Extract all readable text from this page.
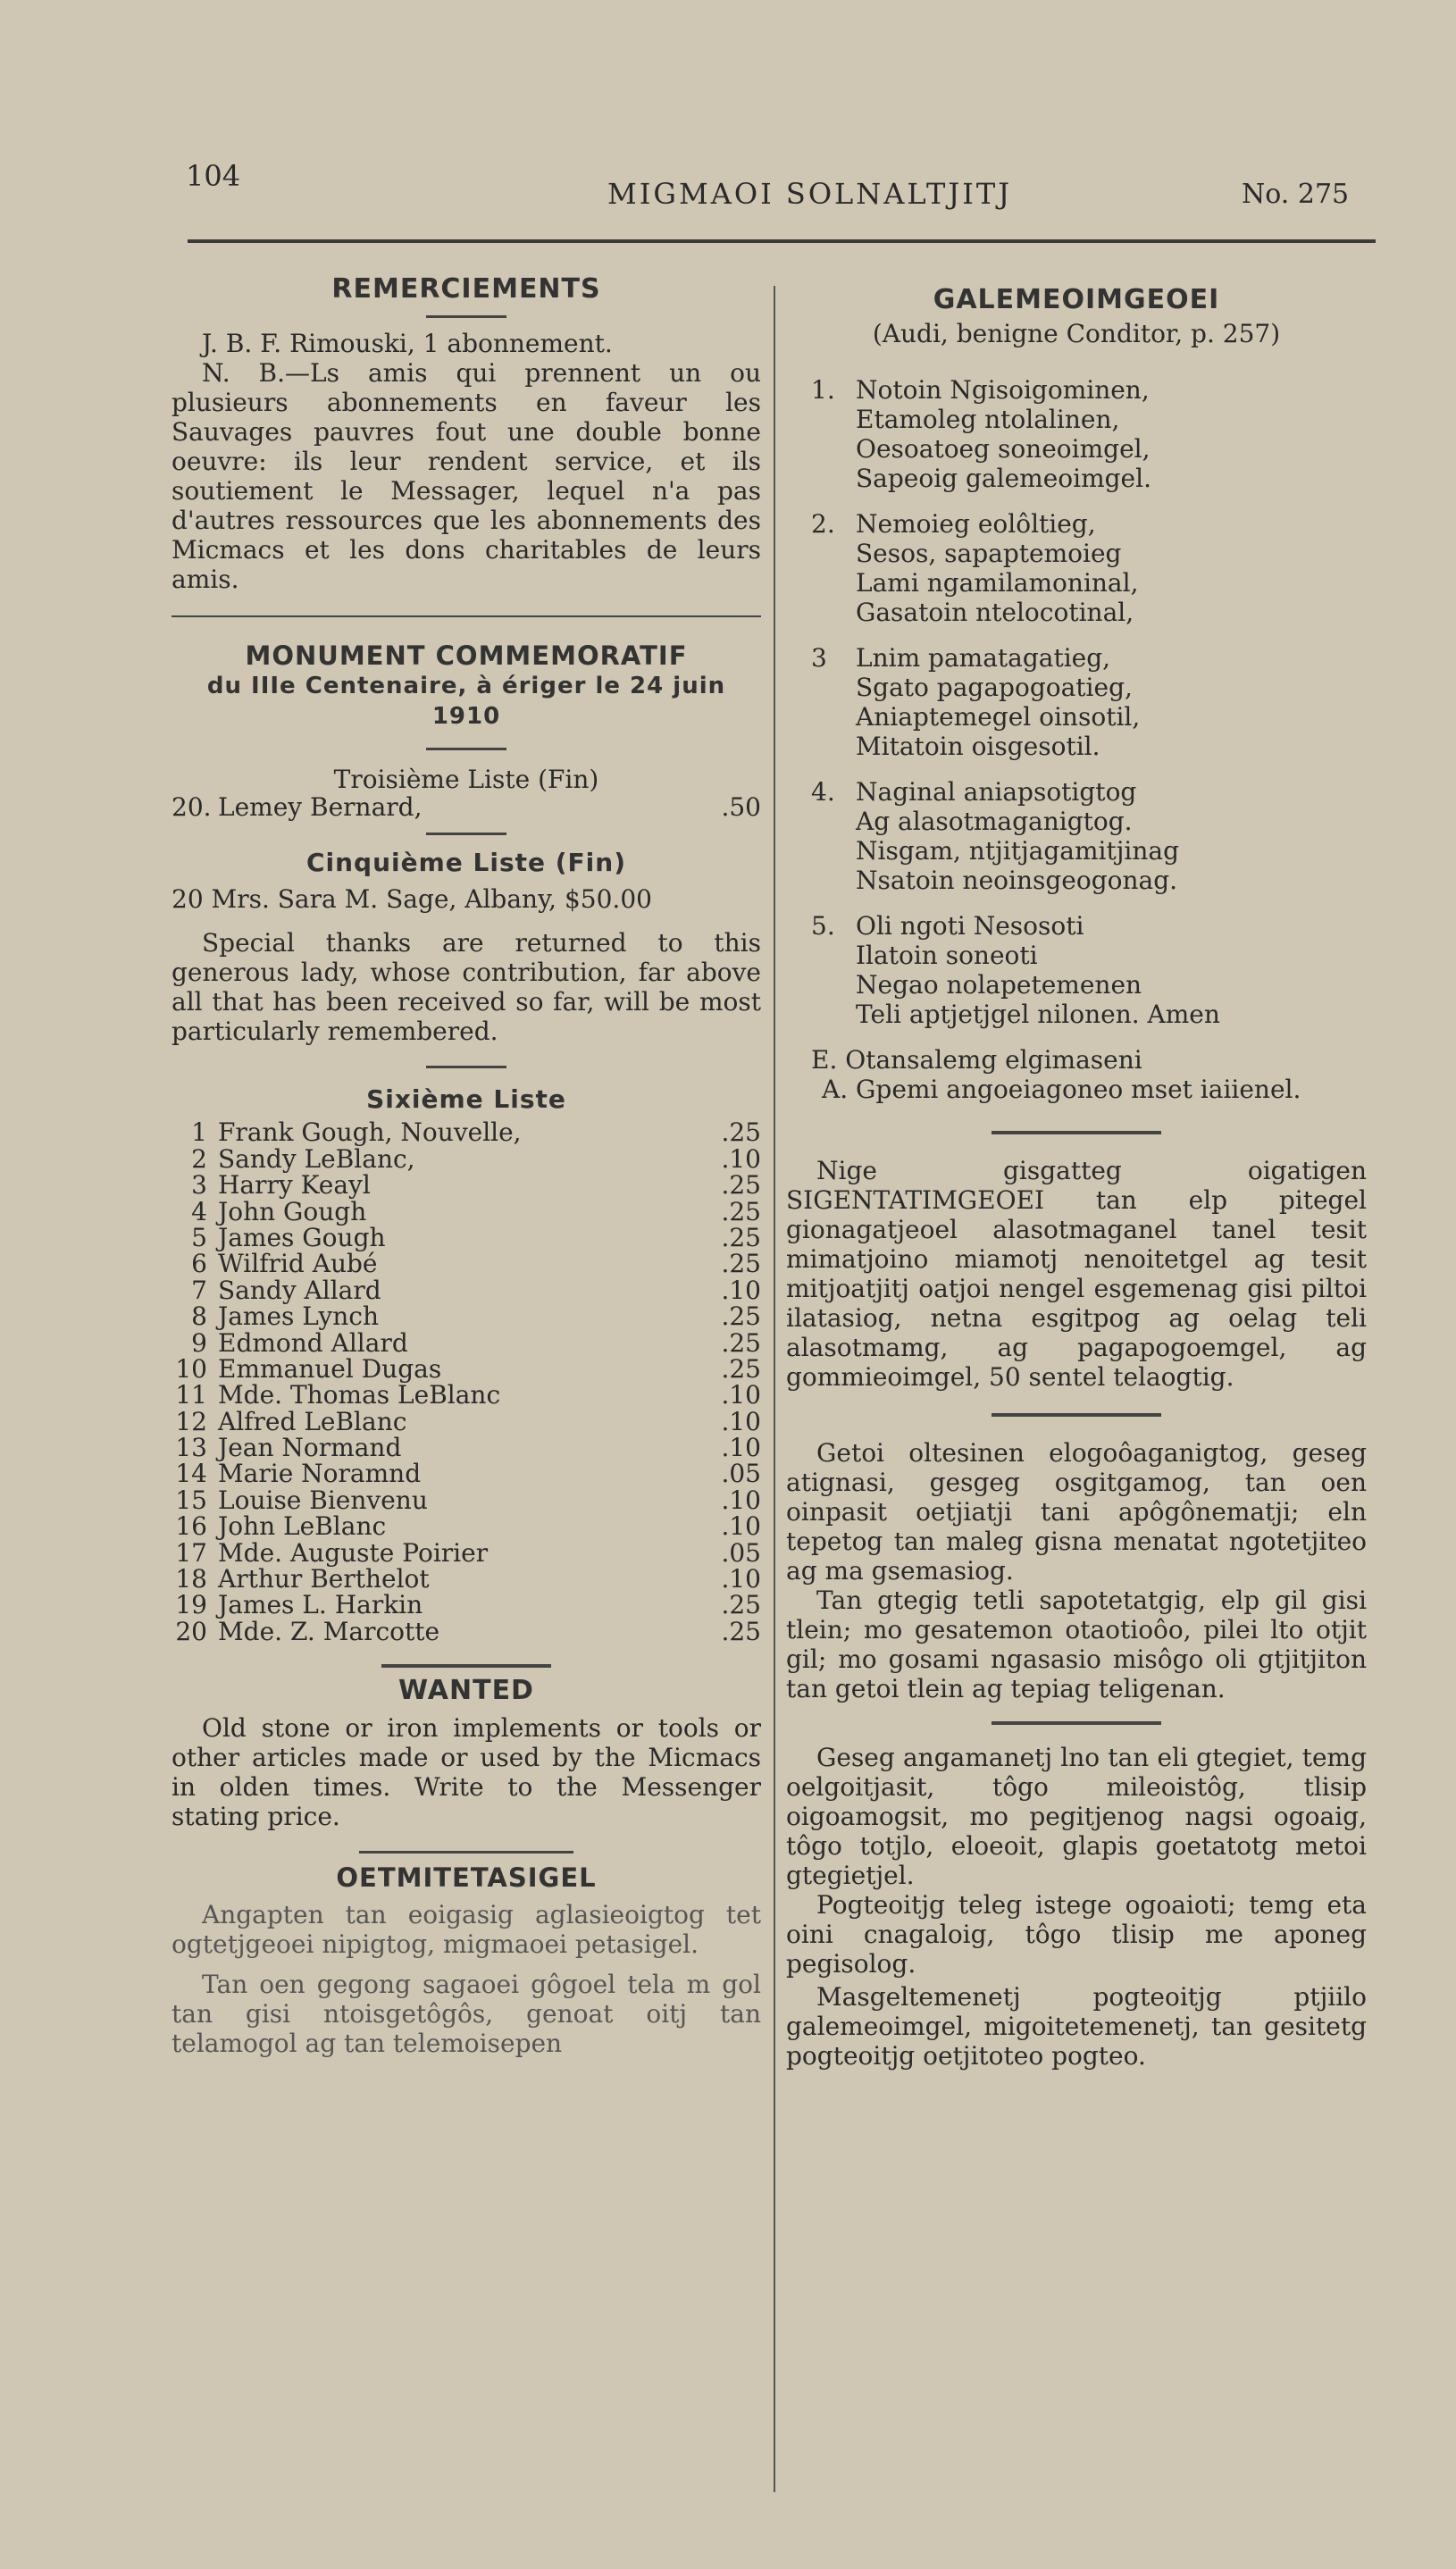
104
MIGMAOI SOLNALTJITJ	No. 275
REMERCIEMENTS
J. B. F. Rimouski, 1 abonnement.
N. B.—Ls amis qui prennent un ou plusieurs abonnements en faveur les Sauvages pauvres fout une double bonne oeuvre: ils leur rendent service, et ils soutiement le Messager, lequel n'a pas d'autres ressources que les abonnements des Micmacs et les dons charitables de leurs amis.
MONUMENT COMMEMORATIF
du IIIe Centenaire, à ériger le 24 juin
1910
Troisième Liste (Fin)
20. Lemey Bernard,	.50
Cinquième Liste (Fin)
20 Mrs. Sara M. Sage, Albany, $50.00
Special thanks are returned to this generous lady, whose contribution, far above all that has been received so far, will be most particularly remembered.
Sixième Liste
1 Frank Gough, Nouvelle,	.25
2 Sandy LeBlanc,	.10
3 Harry Keayl	.25
4 John Gough	.25
5 James Gough	.25
6 Wilfrid Aubé	.25
7 Sandy Allard	.10
8 James Lynch	.25
9 Edmond Allard	.25
10 Emmanuel Dugas	.25
11 Mde. Thomas LeBlanc	.10
12 Alfred LeBlanc	.10
13 Jean Normand	.10
14 Marie Noramnd	.05
15 Louise Bienvenu	.10
16 John LeBlanc	.10
17 Mde. Auguste Poirier	.05
18 Arthur Berthelot	.10
19 James L. Harkin	.25
20 Mde. Z. Marcotte	.25
WANTED
Old stone or iron implements or tools or other articles made or used by the Micmacs in olden times. Write to the Messenger stating price.
OETMITETASIGEL
Angapten tan eoigasig aglasieoigtog tet ogtetjgeoei nipigtog, migmaoei petasigel.
Tan oen gegong sagaoei gôgoel tela m gol tan gisi ntoisgetôgôs, genoat oitj tan telamogol ag tan telemoisepen
GALEMEOIMGEOEI
(Audi, benigne Conditor, p. 257)
1. Notoin Ngisoigominen,
Etamoleg ntolalinen,
Oesoatoeg soneoimgel,
Sapeoig galemeoimgel.
2. Nemoieg eolôltieg,
Sesos, sapaptemoieg
Lami ngamilamoninal,
Gasatoin ntelocotinal,
3	Lnim pamatagatieg,
Sgato pagapogoatieg,
Aniaptemegel oinsotil,
Mitatoin oisgesotil.
4. Naginal aniapsotigtog
Ag alasotmaganigtog.
Nisgam, ntjitjagamitjinag
Nsatoin neoinsgeogonag.
5. Oli ngoti Nesosoti
Ilatoin soneoti
Negao nolapetemenen
Teli aptjetjgel nilonen. Amen
E. Otansalemg elgimaseni
A. Gpemi angoeiagoneo mset iaiienel.
Nige gisgatteg oigatigen SIGENTATIMGEOEI tan elp pitegel gionagatjeoel alasotmaganel tanel tesit mimatjoino miamotj nenoitetgel ag tesit mitjoatjitj oatjoi nengel esgemenag gisi piltoi ilatasiog, netna esgitpog ag oelag teli alasotmamg, ag pagapogoemgel, ag gommieoimgel, 50 sentel telaogtig.
Getoi oltesinen elogoôaganigtog, geseg atignasi, gesgeg osgitgamog, tan oen oinpasit oetjiatji tani apôgônematji; eln tepetog tan maleg gisna menatat ngotetjiteo ag ma gsemasiog.
Tan gtegig tetli sapotetatgig, elp gil gisi tlein; mo gesatemon otaotioôo, pilei lto otjit gil; mo gosami ngasasio misôgo oli gtjitjiton tan getoi tlein ag tepiag teligenan.
Geseg angamanetj lno tan eli gtegiet, temg oelgoitjasit, tôgo mileoistôg, tlisip oigoamogsit, mo pegitjenog nagsi ogoaig, tôgo totjlo, eloeoit, glapis goetatotg metoi gtegietjel.
Pogteoitjg teleg istege ogoaioti; temg eta oini cnagaloig, tôgo tlisip me aponeg pegisolog.
Masgeltemenetj pogteoitjg ptjiilo galemeoimgel, migoitetemenetj, tan gesitetg pogteoitjg oetjitoteo pogteo.
